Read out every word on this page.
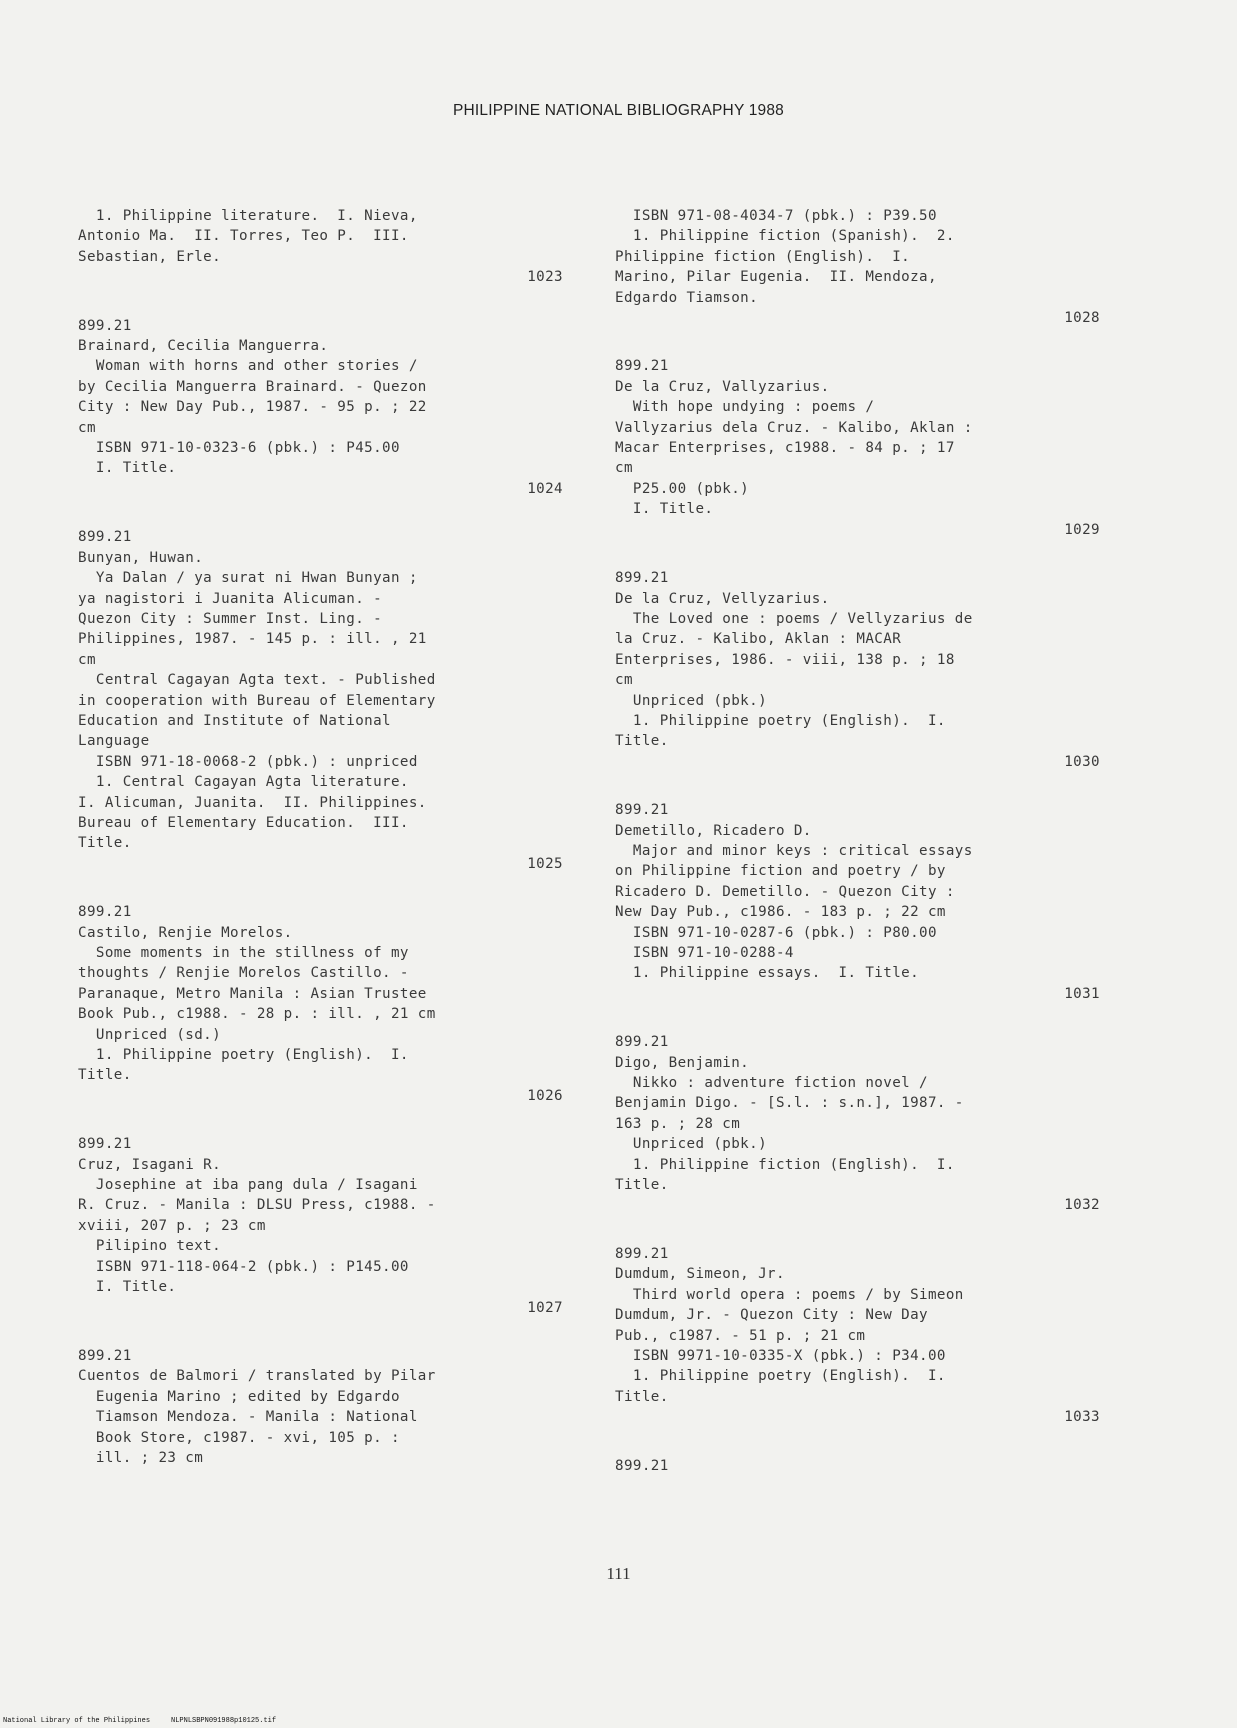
PHILIPPINE NATIONAL BIBLIOGRAPHY 1988
1. Philippine literature.  I. Nieva,
Antonio Ma.  II. Torres, Teo P.  III.
Sebastian, Erle.
1023
899.21
Brainard, Cecilia Manguerra.
Woman with horns and other stories /
by Cecilia Manguerra Brainard. - Quezon
City : New Day Pub., 1987. - 95 p. ; 22
cm
ISBN 971-10-0323-6 (pbk.) : P45.00
I. Title.
1024
899.21
Bunyan, Huwan.
Ya Dalan / ya surat ni Hwan Bunyan ;
ya nagistori i Juanita Alicuman. -
Quezon City : Summer Inst. Ling. -
Philippines, 1987. - 145 p. : ill. , 21
cm
Central Cagayan Agta text. - Published
in cooperation with Bureau of Elementary
Education and Institute of National
Language
ISBN 971-18-0068-2 (pbk.) : unpriced
1. Central Cagayan Agta literature.
I. Alicuman, Juanita.  II. Philippines.
Bureau of Elementary Education.  III.
Title.
1025
899.21
Castilo, Renjie Morelos.
Some moments in the stillness of my
thoughts / Renjie Morelos Castillo. -
Paranaque, Metro Manila : Asian Trustee
Book Pub., c1988. - 28 p. : ill. , 21 cm
Unpriced (sd.)
1. Philippine poetry (English).  I.
Title.
1026
899.21
Cruz, Isagani R.
Josephine at iba pang dula / Isagani
R. Cruz. - Manila : DLSU Press, c1988. -
xviii, 207 p. ; 23 cm
Pilipino text.
ISBN 971-118-064-2 (pbk.) : P145.00
I. Title.
1027
899.21
Cuentos de Balmori / translated by Pilar
Eugenia Marino ; edited by Edgardo
Tiamson Mendoza. - Manila : National
Book Store, c1987. - xvi, 105 p. :
ill. ; 23 cm
ISBN 971-08-4034-7 (pbk.) : P39.50
1. Philippine fiction (Spanish).  2.
Philippine fiction (English).  I.
Marino, Pilar Eugenia.  II. Mendoza,
Edgardo Tiamson.
1028
899.21
De la Cruz, Vallyzarius.
With hope undying : poems /
Vallyzarius dela Cruz. - Kalibo, Aklan :
Macar Enterprises, c1988. - 84 p. ; 17
cm
P25.00 (pbk.)
I. Title.
1029
899.21
De la Cruz, Vellyzarius.
The Loved one : poems / Vellyzarius de
la Cruz. - Kalibo, Aklan : MACAR
Enterprises, 1986. - viii, 138 p. ; 18
cm
Unpriced (pbk.)
1. Philippine poetry (English).  I.
Title.
1030
899.21
Demetillo, Ricadero D.
Major and minor keys : critical essays
on Philippine fiction and poetry / by
Ricadero D. Demetillo. - Quezon City :
New Day Pub., c1986. - 183 p. ; 22 cm
ISBN 971-10-0287-6 (pbk.) : P80.00
ISBN 971-10-0288-4
1. Philippine essays.  I. Title.
1031
899.21
Digo, Benjamin.
Nikko : adventure fiction novel /
Benjamin Digo. - [S.l. : s.n.], 1987. -
163 p. ; 28 cm
Unpriced (pbk.)
1. Philippine fiction (English).  I.
Title.
1032
899.21
Dumdum, Simeon, Jr.
Third world opera : poems / by Simeon
Dumdum, Jr. - Quezon City : New Day
Pub., c1987. - 51 p. ; 21 cm
ISBN 9971-10-0335-X (pbk.) : P34.00
1. Philippine poetry (English).  I.
Title.
1033
899.21
111
National Library of the Philippines     NLPNLSBPN091988p10125.tif
